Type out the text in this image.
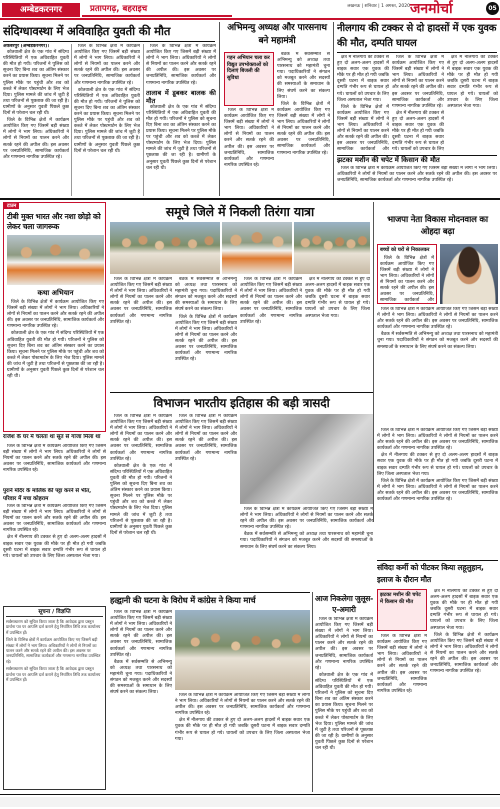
अम्बेडकरनगर	प्रतापगढ़, बहराइच	लखनऊ | शनिवार | 1 अगस्त, 2020 जनमोर्चा	05
संदिग्धावस्था में अविवाहित युवती की मौत
अकबरपुर (अम्बेडकरनगर)।

कोतवाली क्षेत्र के एक गांव में संदिग्ध परिस्थितियों में एक अविवाहित युवती की मौत हो गयी। परिजनों ने पुलिस को सूचना दिए बिना शव का अंतिम संस्कार करने का प्रयास किया। सूचना मिलने पर पुलिस मौके पर पहुंची और शव को कब्जे में लेकर पोस्टमार्टम के लिए भेज दिया। पुलिस मामले की जांच में जुटी है तथा परिजनों से पूछताछ की जा रही है। ग्रामीणों के अनुसार युवती पिछले कुछ दिनों से परेशान चल रही थी।

जिले के विभिन्न क्षेत्रों में कार्यक्रम आयोजित किए गए जिसमें बड़ी संख्या में लोगों ने भाग लिया। अधिकारियों ने लोगों से नियमों का पालन करने और सतर्क रहने की अपील की। इस अवसर पर जनप्रतिनिधि, सामाजिक कार्यकर्ता और गणमान्य नागरिक उपस्थित रहे।

जिले के विभिन्न क्षेत्रों में कार्यक्रम आयोजित किए गए जिसमें बड़ी संख्या में लोगों ने भाग लिया। अधिकारियों ने लोगों से नियमों का पालन करने और सतर्क रहने की अपील की। इस अवसर पर जनप्रतिनिधि, सामाजिक कार्यकर्ता और गणमान्य नागरिक उपस्थित रहे।

कोतवाली क्षेत्र के एक गांव में संदिग्ध परिस्थितियों में एक अविवाहित युवती की मौत हो गयी। परिजनों ने पुलिस को सूचना दिए बिना शव का अंतिम संस्कार करने का प्रयास किया। सूचना मिलने पर पुलिस मौके पर पहुंची और शव को कब्जे में लेकर पोस्टमार्टम के लिए भेज दिया। पुलिस मामले की जांच में जुटी है तथा परिजनों से पूछताछ की जा रही है। ग्रामीणों के अनुसार युवती पिछले कुछ दिनों से परेशान चल रही थी।

जिले के विभिन्न क्षेत्रों में कार्यक्रम आयोजित किए गए जिसमें बड़ी संख्या में लोगों ने भाग लिया। अधिकारियों ने लोगों से नियमों का पालन करने और सतर्क रहने की अपील की। इस अवसर पर जनप्रतिनिधि, सामाजिक कार्यकर्ता और गणमान्य नागरिक उपस्थित रहे।

तालाब में डूबकर बालक की मौत

कोतवाली क्षेत्र के एक गांव में संदिग्ध परिस्थितियों में एक अविवाहित युवती की मौत हो गयी। परिजनों ने पुलिस को सूचना दिए बिना शव का अंतिम संस्कार करने का प्रयास किया। सूचना मिलने पर पुलिस मौके पर पहुंची और शव को कब्जे में लेकर पोस्टमार्टम के लिए भेज दिया। पुलिस मामले की जांच में जुटी है तथा परिजनों से पूछताछ की जा रही है। ग्रामीणों के अनुसार युवती पिछले कुछ दिनों से परेशान चल रही थी।

अभिमन्यु अध्यक्ष और पारसनाथ बने महामंत्री
गहन अभियान चला कर विद्युत उपभोक्ताओं को दिलाएं बिजली की सुविधा

जिले के विभिन्न क्षेत्रों में कार्यक्रम आयोजित किए गए जिसमें बड़ी संख्या में लोगों ने भाग लिया। अधिकारियों ने लोगों से नियमों का पालन करने और सतर्क रहने की अपील की। इस अवसर पर जनप्रतिनिधि, सामाजिक कार्यकर्ता और गणमान्य नागरिक उपस्थित रहे।

बैठक में सर्वसम्मति से अभिमन्यु को अध्यक्ष तथा पारसनाथ को महामंत्री चुना गया। पदाधिकारियों ने संगठन को मजबूत करने और सदस्यों की समस्याओं के समाधान के लिए संघर्ष करने का संकल्प लिया।

जिले के विभिन्न क्षेत्रों में कार्यक्रम आयोजित किए गए जिसमें बड़ी संख्या में लोगों ने भाग लिया। अधिकारियों ने लोगों से नियमों का पालन करने और सतर्क रहने की अपील की। इस अवसर पर जनप्रतिनिधि, सामाजिक कार्यकर्ता और गणमान्य नागरिक उपस्थित रहे।

नीलगाय की टक्कर से दो हादसों में एक युवक की मौत, दम्पति घायल

क्षेत्र में नीलगाय की टक्कर से हुए दो अलग-अलग हादसों में बाइक सवार एक युवक की मौके पर ही मौत हो गयी जबकि दूसरी घटना में बाइक सवार दम्पति गंभीर रूप से घायल हो गये। घायलों को उपचार के लिए जिला अस्पताल भेजा गया।

जिले के विभिन्न क्षेत्रों में कार्यक्रम आयोजित किए गए जिसमें बड़ी संख्या में लोगों ने भाग लिया। अधिकारियों ने लोगों से नियमों का पालन करने और सतर्क रहने की अपील की। इस अवसर पर जनप्रतिनिधि, सामाजिक कार्यकर्ता और

जिले के विभिन्न क्षेत्रों में कार्यक्रम आयोजित किए गए जिसमें बड़ी संख्या में लोगों ने भाग लिया। अधिकारियों ने लोगों से नियमों का पालन करने और सतर्क रहने की अपील की। इस अवसर पर जनप्रतिनिधि, सामाजिक कार्यकर्ता और गणमान्य नागरिक उपस्थित रहे।

क्षेत्र में नीलगाय की टक्कर से हुए दो अलग-अलग हादसों में बाइक सवार एक युवक की मौके पर ही मौत हो गयी जबकि दूसरी घटना में बाइक सवार दम्पति गंभीर रूप से घायल हो गये। घायलों को उपचार के लिए

क्षेत्र में नीलगाय की टक्कर से हुए दो अलग-अलग हादसों में बाइक सवार एक युवक की मौके पर ही मौत हो गयी जबकि दूसरी घटना में बाइक सवार दम्पति गंभीर रूप से घायल हो गये। घायलों को उपचार के लिए जिला अस्पताल भेजा गया।

झटका मशीन की चपेट में किसान की मौत

जिले के विभिन्न क्षेत्रों में कार्यक्रम आयोजित किए गए जिसमें बड़ी संख्या में लोगों ने भाग लिया। अधिकारियों ने लोगों से नियमों का पालन करने और सतर्क रहने की अपील की। इस अवसर पर जनप्रतिनिधि, सामाजिक कार्यकर्ता और गणमान्य नागरिक उपस्थित रहे।

टाउन
टीबी मुक्त भारत और नशा छोड़ो को लेकर चला जागरूक
कथा अभियान

जिले के विभिन्न क्षेत्रों में कार्यक्रम आयोजित किए गए जिसमें बड़ी संख्या में लोगों ने भाग लिया। अधिकारियों ने लोगों से नियमों का पालन करने और सतर्क रहने की अपील की। इस अवसर पर जनप्रतिनिधि, सामाजिक कार्यकर्ता और गणमान्य नागरिक उपस्थित रहे।

कोतवाली क्षेत्र के एक गांव में संदिग्ध परिस्थितियों में एक अविवाहित युवती की मौत हो गयी। परिजनों ने पुलिस को सूचना दिए बिना शव का अंतिम संस्कार करने का प्रयास किया। सूचना मिलने पर पुलिस मौके पर पहुंची और शव को कब्जे में लेकर पोस्टमार्टम के लिए भेज दिया। पुलिस मामले की जांच में जुटी है तथा परिजनों से पूछताछ की जा रही है। ग्रामीणों के अनुसार युवती पिछले कुछ दिनों से परेशान चल रही थी।

राजेश के घर में चलता था सूत से गांजा मिला था

जिले के विभिन्न क्षेत्रों में कार्यक्रम आयोजित किए गए जिसमें बड़ी संख्या में लोगों ने भाग लिया। अधिकारियों ने लोगों से नियमों का पालन करने और सतर्क रहने की अपील की। इस अवसर पर जनप्रतिनिधि, सामाजिक कार्यकर्ता और गणमान्य नागरिक उपस्थित रहे।

पुराने मंदिर के मालिक की पट्टा करने से भीत, परिवार में मचा कोहराम

जिले के विभिन्न क्षेत्रों में कार्यक्रम आयोजित किए गए जिसमें बड़ी संख्या में लोगों ने भाग लिया। अधिकारियों ने लोगों से नियमों का पालन करने और सतर्क रहने की अपील की। इस अवसर पर जनप्रतिनिधि, सामाजिक कार्यकर्ता और गणमान्य नागरिक उपस्थित रहे।

क्षेत्र में नीलगाय की टक्कर से हुए दो अलग-अलग हादसों में बाइक सवार एक युवक की मौके पर ही मौत हो गयी जबकि दूसरी घटना में बाइक सवार दम्पति गंभीर रूप से घायल हो गये। घायलों को उपचार के लिए जिला अस्पताल भेजा गया।

समूचे जिले में निकली तिरंगा यात्रा

जिले के विभिन्न क्षेत्रों में कार्यक्रम आयोजित किए गए जिसमें बड़ी संख्या में लोगों ने भाग लिया। अधिकारियों ने लोगों से नियमों का पालन करने और सतर्क रहने की अपील की। इस अवसर पर जनप्रतिनिधि, सामाजिक कार्यकर्ता और गणमान्य नागरिक उपस्थित रहे।

बैठक में सर्वसम्मति से अभिमन्यु को अध्यक्ष तथा पारसनाथ को महामंत्री चुना गया। पदाधिकारियों ने संगठन को मजबूत करने और सदस्यों की समस्याओं के समाधान के लिए संघर्ष करने का संकल्प लिया।

जिले के विभिन्न क्षेत्रों में कार्यक्रम आयोजित किए गए जिसमें बड़ी संख्या में लोगों ने भाग लिया। अधिकारियों ने लोगों से नियमों का पालन करने और सतर्क रहने की अपील की। इस अवसर पर जनप्रतिनिधि, सामाजिक कार्यकर्ता और गणमान्य नागरिक उपस्थित रहे।

जिले के विभिन्न क्षेत्रों में कार्यक्रम आयोजित किए गए जिसमें बड़ी संख्या में लोगों ने भाग लिया। अधिकारियों ने लोगों से नियमों का पालन करने और सतर्क रहने की अपील की। इस अवसर पर जनप्रतिनिधि, सामाजिक कार्यकर्ता और गणमान्य नागरिक उपस्थित रहे।

क्षेत्र में नीलगाय की टक्कर से हुए दो अलग-अलग हादसों में बाइक सवार एक युवक की मौके पर ही मौत हो गयी जबकि दूसरी घटना में बाइक सवार दम्पति गंभीर रूप से घायल हो गये। घायलों को उपचार के लिए जिला अस्पताल भेजा गया।

भाजपा नेता विकास मोदनवाल का ओहदा बढ़ा
बच्चों को घरों से निकालकर

जिले के विभिन्न क्षेत्रों में कार्यक्रम आयोजित किए गए जिसमें बड़ी संख्या में लोगों ने भाग लिया। अधिकारियों ने लोगों से नियमों का पालन करने और सतर्क रहने की अपील की। इस अवसर पर जनप्रतिनिधि, सामाजिक कार्यकर्ता और

जिले के विभिन्न क्षेत्रों में कार्यक्रम आयोजित किए गए जिसमें बड़ी संख्या में लोगों ने भाग लिया। अधिकारियों ने लोगों से नियमों का पालन करने और सतर्क रहने की अपील की। इस अवसर पर जनप्रतिनिधि, सामाजिक कार्यकर्ता और गणमान्य नागरिक उपस्थित रहे।

बैठक में सर्वसम्मति से अभिमन्यु को अध्यक्ष तथा पारसनाथ को महामंत्री चुना गया। पदाधिकारियों ने संगठन को मजबूत करने और सदस्यों की समस्याओं के समाधान के लिए संघर्ष करने का संकल्प लिया।

विभाजन भारतीय इतिहास की बड़ी त्रासदी

जिले के विभिन्न क्षेत्रों में कार्यक्रम आयोजित किए गए जिसमें बड़ी संख्या में लोगों ने भाग लिया। अधिकारियों ने लोगों से नियमों का पालन करने और सतर्क रहने की अपील की। इस अवसर पर जनप्रतिनिधि, सामाजिक कार्यकर्ता और गणमान्य नागरिक उपस्थित रहे।

कोतवाली क्षेत्र के एक गांव में संदिग्ध परिस्थितियों में एक अविवाहित युवती की मौत हो गयी। परिजनों ने पुलिस को सूचना दिए बिना शव का अंतिम संस्कार करने का प्रयास किया। सूचना मिलने पर पुलिस मौके पर पहुंची और शव को कब्जे में लेकर पोस्टमार्टम के लिए भेज दिया। पुलिस मामले की जांच में जुटी है तथा परिजनों से पूछताछ की जा रही है। ग्रामीणों के अनुसार युवती पिछले कुछ दिनों से परेशान चल रही थी।

जिले के विभिन्न क्षेत्रों में कार्यक्रम आयोजित किए गए जिसमें बड़ी संख्या में लोगों ने भाग लिया। अधिकारियों ने लोगों से नियमों का पालन करने और सतर्क रहने की अपील की। इस अवसर पर जनप्रतिनिधि, सामाजिक कार्यकर्ता और गणमान्य नागरिक उपस्थित रहे।

जिले के विभिन्न क्षेत्रों में कार्यक्रम आयोजित किए गए जिसमें बड़ी संख्या में लोगों ने भाग लिया। अधिकारियों ने लोगों से नियमों का पालन करने और सतर्क रहने की अपील की। इस अवसर पर जनप्रतिनिधि, सामाजिक कार्यकर्ता और गणमान्य नागरिक उपस्थित रहे।

बैठक में सर्वसम्मति से अभिमन्यु को अध्यक्ष तथा पारसनाथ को महामंत्री चुना गया। पदाधिकारियों ने संगठन को मजबूत करने और सदस्यों की समस्याओं के समाधान के लिए संघर्ष करने का संकल्प लिया।

जिले के विभिन्न क्षेत्रों में कार्यक्रम आयोजित किए गए जिसमें बड़ी संख्या में लोगों ने भाग लिया। अधिकारियों ने लोगों से नियमों का पालन करने और सतर्क रहने की अपील की। इस अवसर पर जनप्रतिनिधि, सामाजिक कार्यकर्ता और गणमान्य नागरिक उपस्थित रहे।

क्षेत्र में नीलगाय की टक्कर से हुए दो अलग-अलग हादसों में बाइक सवार एक युवक की मौके पर ही मौत हो गयी जबकि दूसरी घटना में बाइक सवार दम्पति गंभीर रूप से घायल हो गये। घायलों को उपचार के लिए जिला अस्पताल भेजा गया।

जिले के विभिन्न क्षेत्रों में कार्यक्रम आयोजित किए गए जिसमें बड़ी संख्या में लोगों ने भाग लिया। अधिकारियों ने लोगों से नियमों का पालन करने और सतर्क रहने की अपील की। इस अवसर पर जनप्रतिनिधि, सामाजिक कार्यकर्ता और गणमान्य नागरिक उपस्थित रहे।

हल्द्वानी की घटना के विरोध में कांग्रेस ने किया मार्च

जिले के विभिन्न क्षेत्रों में कार्यक्रम आयोजित किए गए जिसमें बड़ी संख्या में लोगों ने भाग लिया। अधिकारियों ने लोगों से नियमों का पालन करने और सतर्क रहने की अपील की। इस अवसर पर जनप्रतिनिधि, सामाजिक कार्यकर्ता और गणमान्य नागरिक उपस्थित रहे।

बैठक में सर्वसम्मति से अभिमन्यु को अध्यक्ष तथा पारसनाथ को महामंत्री चुना गया। पदाधिकारियों ने संगठन को मजबूत करने और सदस्यों की समस्याओं के समाधान के लिए संघर्ष करने का संकल्प लिया।

जिले के विभिन्न क्षेत्रों में कार्यक्रम आयोजित किए गए जिसमें बड़ी संख्या में लोगों ने भाग लिया। अधिकारियों ने लोगों से नियमों का पालन करने और सतर्क रहने की अपील की। इस अवसर पर जनप्रतिनिधि, सामाजिक कार्यकर्ता और गणमान्य नागरिक उपस्थित रहे।

क्षेत्र में नीलगाय की टक्कर से हुए दो अलग-अलग हादसों में बाइक सवार एक युवक की मौके पर ही मौत हो गयी जबकि दूसरी घटना में बाइक सवार दम्पति गंभीर रूप से घायल हो गये। घायलों को उपचार के लिए जिला अस्पताल भेजा गया।

आज निकलेगा जुलूस-ए-अमारी

जिले के विभिन्न क्षेत्रों में कार्यक्रम आयोजित किए गए जिसमें बड़ी संख्या में लोगों ने भाग लिया। अधिकारियों ने लोगों से नियमों का पालन करने और सतर्क रहने की अपील की। इस अवसर पर जनप्रतिनिधि, सामाजिक कार्यकर्ता और गणमान्य नागरिक उपस्थित रहे।

कोतवाली क्षेत्र के एक गांव में संदिग्ध परिस्थितियों में एक अविवाहित युवती की मौत हो गयी। परिजनों ने पुलिस को सूचना दिए बिना शव का अंतिम संस्कार करने का प्रयास किया। सूचना मिलने पर पुलिस मौके पर पहुंची और शव को कब्जे में लेकर पोस्टमार्टम के लिए भेज दिया। पुलिस मामले की जांच में जुटी है तथा परिजनों से पूछताछ की जा रही है। ग्रामीणों के अनुसार युवती पिछले कुछ दिनों से परेशान चल रही थी।

संविदा कर्मी को पीटकर किया लहूलुहान, इलाज के दौरान मौत
झटका मशीन की चपेट में किसान की मौत

जिले के विभिन्न क्षेत्रों में कार्यक्रम आयोजित किए गए जिसमें बड़ी संख्या में लोगों ने भाग लिया। अधिकारियों ने लोगों से नियमों का पालन करने और सतर्क रहने की अपील की। इस अवसर पर जनप्रतिनिधि, सामाजिक कार्यकर्ता और गणमान्य नागरिक उपस्थित रहे।

क्षेत्र में नीलगाय की टक्कर से हुए दो अलग-अलग हादसों में बाइक सवार एक युवक की मौके पर ही मौत हो गयी जबकि दूसरी घटना में बाइक सवार दम्पति गंभीर रूप से घायल हो गये। घायलों को उपचार के लिए जिला अस्पताल भेजा गया।

जिले के विभिन्न क्षेत्रों में कार्यक्रम आयोजित किए गए जिसमें बड़ी संख्या में लोगों ने भाग लिया। अधिकारियों ने लोगों से नियमों का पालन करने और सतर्क रहने की अपील की। इस अवसर पर जनप्रतिनिधि, सामाजिक कार्यकर्ता और गणमान्य नागरिक उपस्थित रहे।

सूचना / विज्ञप्ति
सर्वसाधारण को सूचित किया जाता है कि आवेदक द्वारा प्रस्तुत प्रार्थना पत्र पर आपत्ति दर्ज कराने हेतु निर्धारित तिथि तक कार्यालय में उपस्थित हों।
जिले के विभिन्न क्षेत्रों में कार्यक्रम आयोजित किए गए जिसमें बड़ी संख्या में लोगों ने भाग लिया। अधिकारियों ने लोगों से नियमों का पालन करने और सतर्क रहने की अपील की। इस अवसर पर जनप्रतिनिधि, सामाजिक कार्यकर्ता और गणमान्य नागरिक उपस्थित रहे।
सर्वसाधारण को सूचित किया जाता है कि आवेदक द्वारा प्रस्तुत प्रार्थना पत्र पर आपत्ति दर्ज कराने हेतु निर्धारित तिथि तक कार्यालय में उपस्थित हों।
